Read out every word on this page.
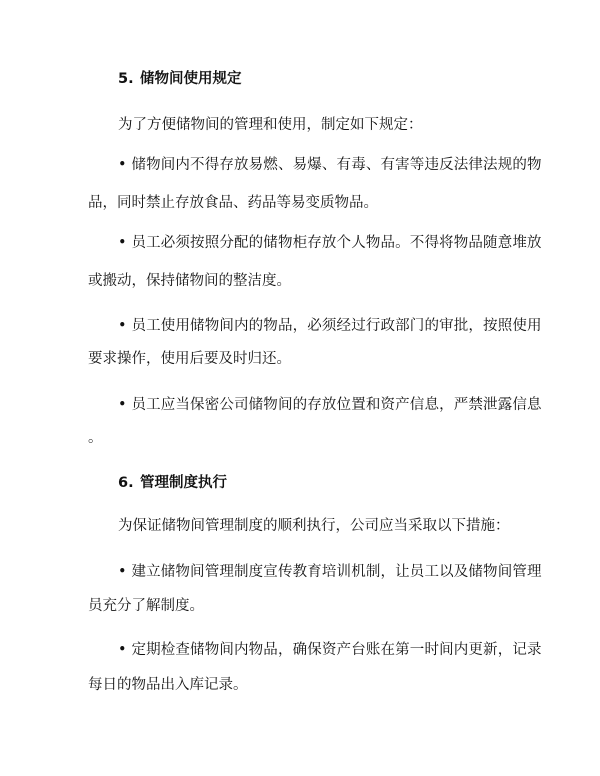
5. 储物间使用规定
为了方便储物间的管理和使用，制定如下规定：
• 储物间内不得存放易燃、易爆、有毒、有害等违反法律法规的物
品，同时禁止存放食品、药品等易变质物品。
• 员工必须按照分配的储物柜存放个人物品。不得将物品随意堆放
或搬动，保持储物间的整洁度。
• 员工使用储物间内的物品，必须经过行政部门的审批，按照使用
要求操作，使用后要及时归还。
• 员工应当保密公司储物间的存放位置和资产信息，严禁泄露信息
。
6. 管理制度执行
为保证储物间管理制度的顺利执行，公司应当采取以下措施：
• 建立储物间管理制度宣传教育培训机制，让员工以及储物间管理
员充分了解制度。
• 定期检查储物间内物品，确保资产台账在第一时间内更新，记录
每日的物品出入库记录。
